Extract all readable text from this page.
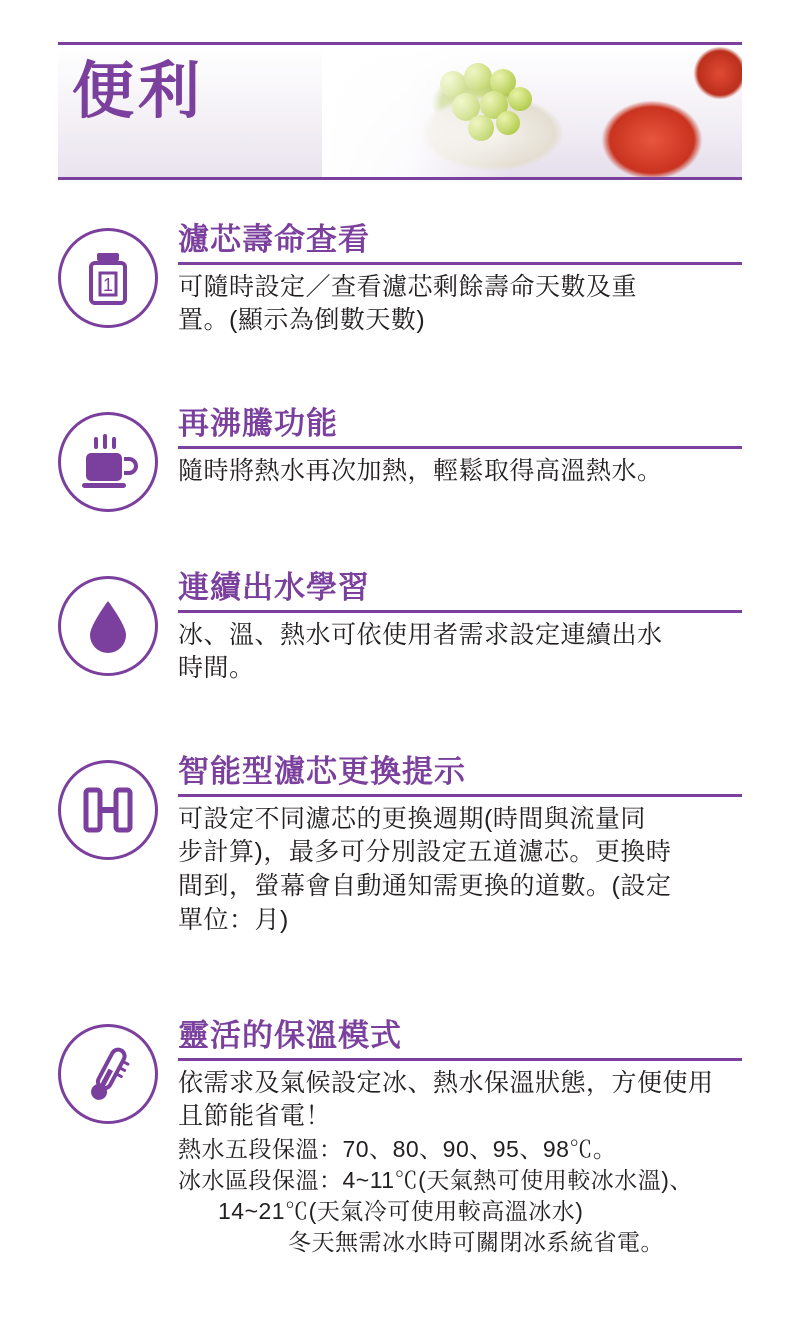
便利
1
濾芯壽命查看
可隨時設定／查看濾芯剩餘壽命天數及重
置。(顯示為倒數天數)
再沸騰功能
隨時將熱水再次加熱，輕鬆取得高溫熱水。
連續出水學習
冰、溫、熱水可依使用者需求設定連續出水
時間。
智能型濾芯更換提示
可設定不同濾芯的更換週期(時間與流量同
步計算)，最多可分別設定五道濾芯。更換時
間到，螢幕會自動通知需更換的道數。(設定
單位：月)
靈活的保溫模式
依需求及氣候設定冰、熱水保溫狀態，方便使用
且節能省電！
熱水五段保溫：70、80、90、95、98℃。
冰水區段保溫：4~11℃(天氣熱可使用較冰水溫)、
14~21℃(天氣冷可使用較高溫冰水)
冬天無需冰水時可關閉冰系統省電。
